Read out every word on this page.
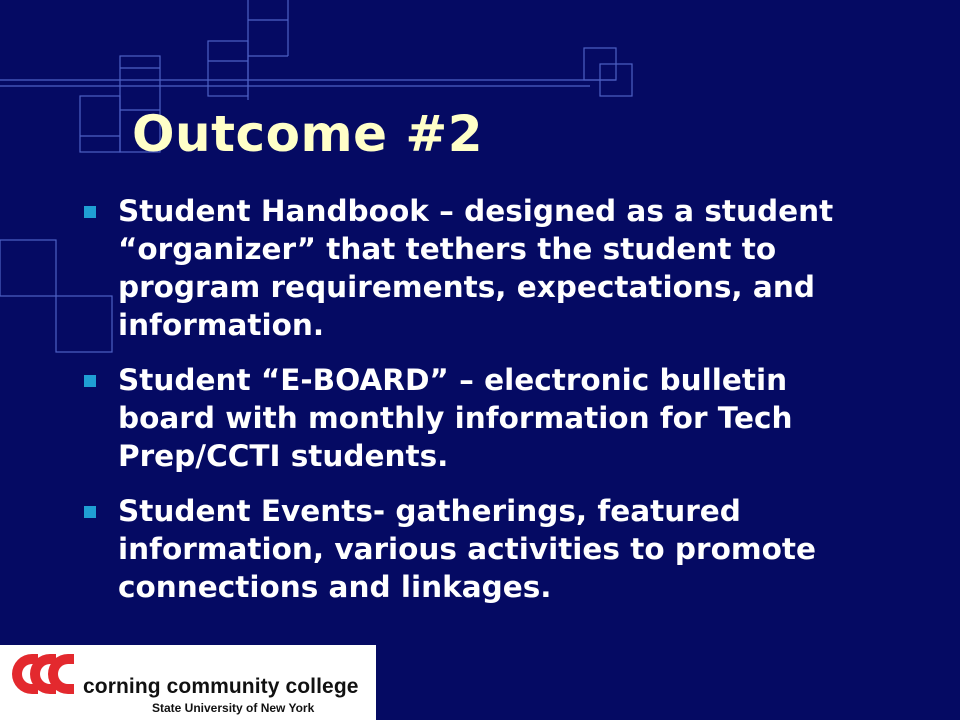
Outcome #2
Student Handbook – designed as a student “organizer” that tethers the student to program requirements, expectations, and information.
Student “E-BOARD” – electronic bulletin board with monthly information for Tech Prep/CCTI students.
Student Events- gatherings, featured information, various activities to promote connections and linkages.
corning community college
State University of New York
